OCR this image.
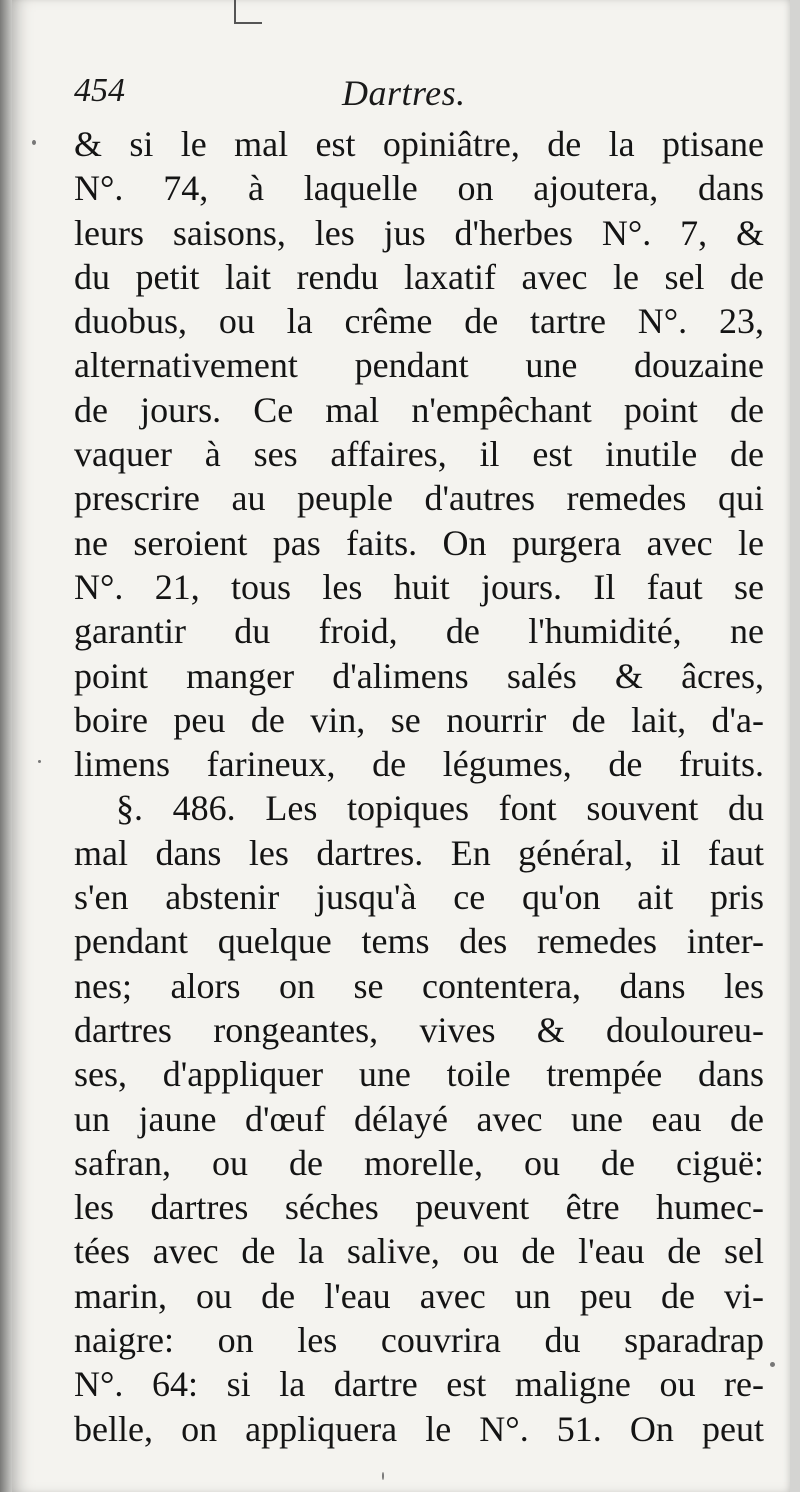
454	Dartres.
& si le mal est opiniâtre, de la ptisane
N°. 74, à laquelle on ajoutera, dans
leurs saisons, les jus d'herbes N°. 7, &
du petit lait rendu laxatif avec le sel de
duobus, ou la crême de tartre N°. 23,
alternativement pendant une douzaine
de jours. Ce mal n'empêchant point de
vaquer à ses affaires, il est inutile de
prescrire au peuple d'autres remedes qui
ne seroient pas faits. On purgera avec le
N°. 21, tous les huit jours. Il faut se
garantir du froid, de l'humidité, ne
point manger d'alimens salés & âcres,
boire peu de vin, se nourrir de lait, d'a-
limens farineux, de légumes, de fruits.
§. 486. Les topiques font souvent du
mal dans les dartres. En général, il faut
s'en abstenir jusqu'à ce qu'on ait pris
pendant quelque tems des remedes inter-
nes; alors on se contentera, dans les
dartres rongeantes, vives & douloureu-
ses, d'appliquer une toile trempée dans
un jaune d'œuf délayé avec une eau de
safran, ou de morelle, ou de ciguë:
les dartres séches peuvent être humec-
tées avec de la salive, ou de l'eau de sel
marin, ou de l'eau avec un peu de vi-
naigre: on les couvrira du sparadrap
N°. 64: si la dartre est maligne ou re-
belle, on appliquera le N°. 51. On peut
